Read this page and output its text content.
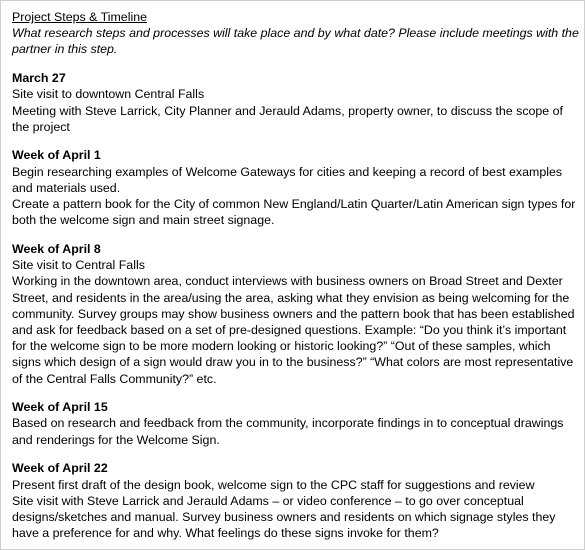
Project Steps & Timeline

What research steps and processes will take place and by what date? Please include meetings with the partner in this step.

March 27

Site visit to downtown Central Falls

Meeting with Steve Larrick, City Planner and Jerauld Adams, property owner, to discuss the scope of the project

Week of April 1

Begin researching examples of Welcome Gateways for cities and keeping a record of best examples and materials used.

Create a pattern book for the City of common New England/Latin Quarter/Latin American sign types for both the welcome sign and main street signage.

Week of April 8

Site visit to Central Falls

Working in the downtown area, conduct interviews with business owners on Broad Street and Dexter Street, and residents in the area/using the area, asking what they envision as being welcoming for the community. Survey groups may show business owners and the pattern book that has been established and ask for feedback based on a set of pre-designed questions. Example: “Do you think it’s important for the welcome sign to be more modern looking or historic looking?” “Out of these samples, which signs which design of a sign would draw you in to the business?” “What colors are most representative of the Central Falls Community?” etc.

Week of April 15

Based on research and feedback from the community, incorporate findings in to conceptual drawings and renderings for the Welcome Sign.

Week of April 22

Present first draft of the design book, welcome sign to the CPC staff for suggestions and review

Site visit with Steve Larrick and Jerauld Adams – or video conference – to go over conceptual designs/sketches and manual. Survey business owners and residents on which signage styles they have a preference for and why. What feelings do these signs invoke for them?
